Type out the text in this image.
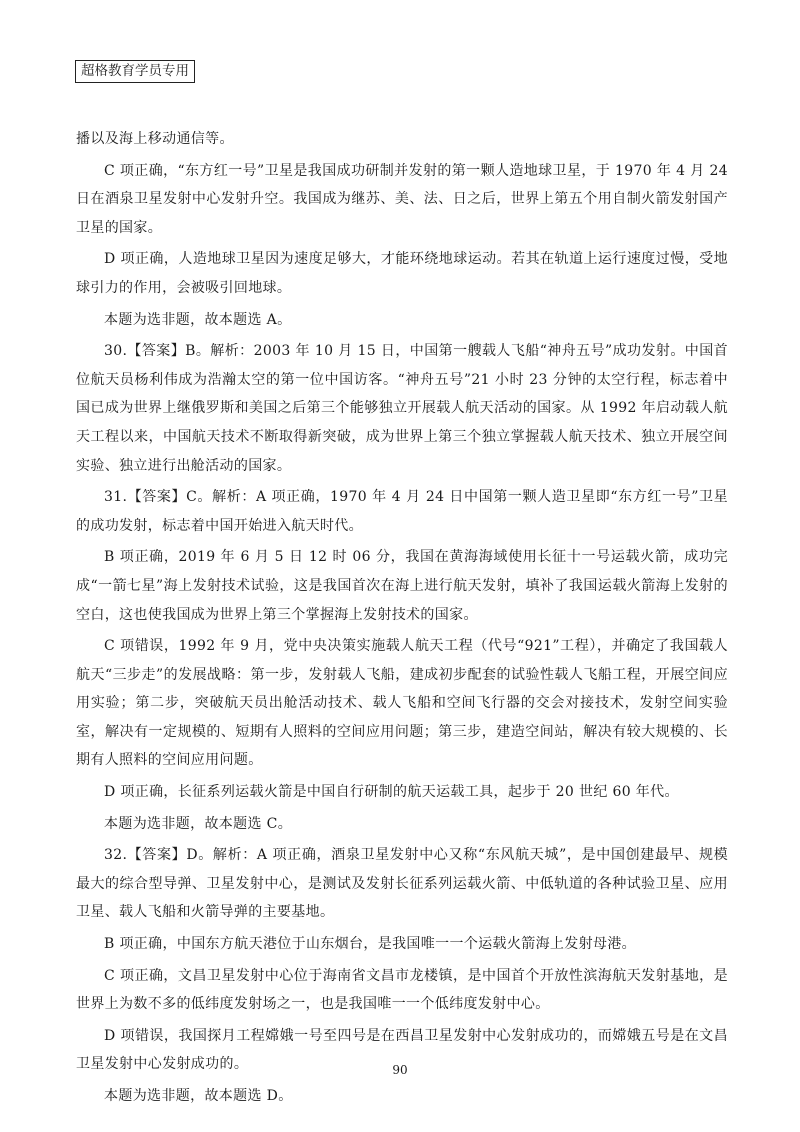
超格教育学员专用

播以及海上移动通信等。

C 项正确，“东方红一号”卫星是我国成功研制并发射的第一颗人造地球卫星，于 1970 年 4 月 24 日在酒泉卫星发射中心发射升空。我国成为继苏、美、法、日之后，世界上第五个用自制火箭发射国产卫星的国家。

D 项正确，人造地球卫星因为速度足够大，才能环绕地球运动。若其在轨道上运行速度过慢，受地球引力的作用，会被吸引回地球。

本题为选非题，故本题选 A。

30.【答案】B。解析：2003 年 10 月 15 日，中国第一艘载人飞船“神舟五号”成功发射。中国首位航天员杨利伟成为浩瀚太空的第一位中国访客。“神舟五号”21 小时 23 分钟的太空行程，标志着中国已成为世界上继俄罗斯和美国之后第三个能够独立开展载人航天活动的国家。从 1992 年启动载人航天工程以来，中国航天技术不断取得新突破，成为世界上第三个独立掌握载人航天技术、独立开展空间实验、独立进行出舱活动的国家。

31.【答案】C。解析：A 项正确，1970 年 4 月 24 日中国第一颗人造卫星即“东方红一号”卫星的成功发射，标志着中国开始进入航天时代。

B 项正确，2019 年 6 月 5 日 12 时 06 分，我国在黄海海域使用长征十一号运载火箭，成功完成“一箭七星”海上发射技术试验，这是我国首次在海上进行航天发射，填补了我国运载火箭海上发射的空白，这也使我国成为世界上第三个掌握海上发射技术的国家。

C 项错误，1992 年 9 月，党中央决策实施载人航天工程（代号“921”工程），并确定了我国载人航天“三步走”的发展战略：第一步，发射载人飞船，建成初步配套的试验性载人飞船工程，开展空间应用实验；第二步，突破航天员出舱活动技术、载人飞船和空间飞行器的交会对接技术，发射空间实验室，解决有一定规模的、短期有人照料的空间应用问题；第三步，建造空间站，解决有较大规模的、长期有人照料的空间应用问题。

D 项正确，长征系列运载火箭是中国自行研制的航天运载工具，起步于 20 世纪 60 年代。

本题为选非题，故本题选 C。

32.【答案】D。解析：A 项正确，酒泉卫星发射中心又称“东风航天城”，是中国创建最早、规模最大的综合型导弹、卫星发射中心，是测试及发射长征系列运载火箭、中低轨道的各种试验卫星、应用卫星、载人飞船和火箭导弹的主要基地。

B 项正确，中国东方航天港位于山东烟台，是我国唯一一个运载火箭海上发射母港。

C 项正确，文昌卫星发射中心位于海南省文昌市龙楼镇，是中国首个开放性滨海航天发射基地，是世界上为数不多的低纬度发射场之一，也是我国唯一一个低纬度发射中心。

D 项错误，我国探月工程嫦娥一号至四号是在西昌卫星发射中心发射成功的，而嫦娥五号是在文昌卫星发射中心发射成功的。

本题为选非题，故本题选 D。

90
